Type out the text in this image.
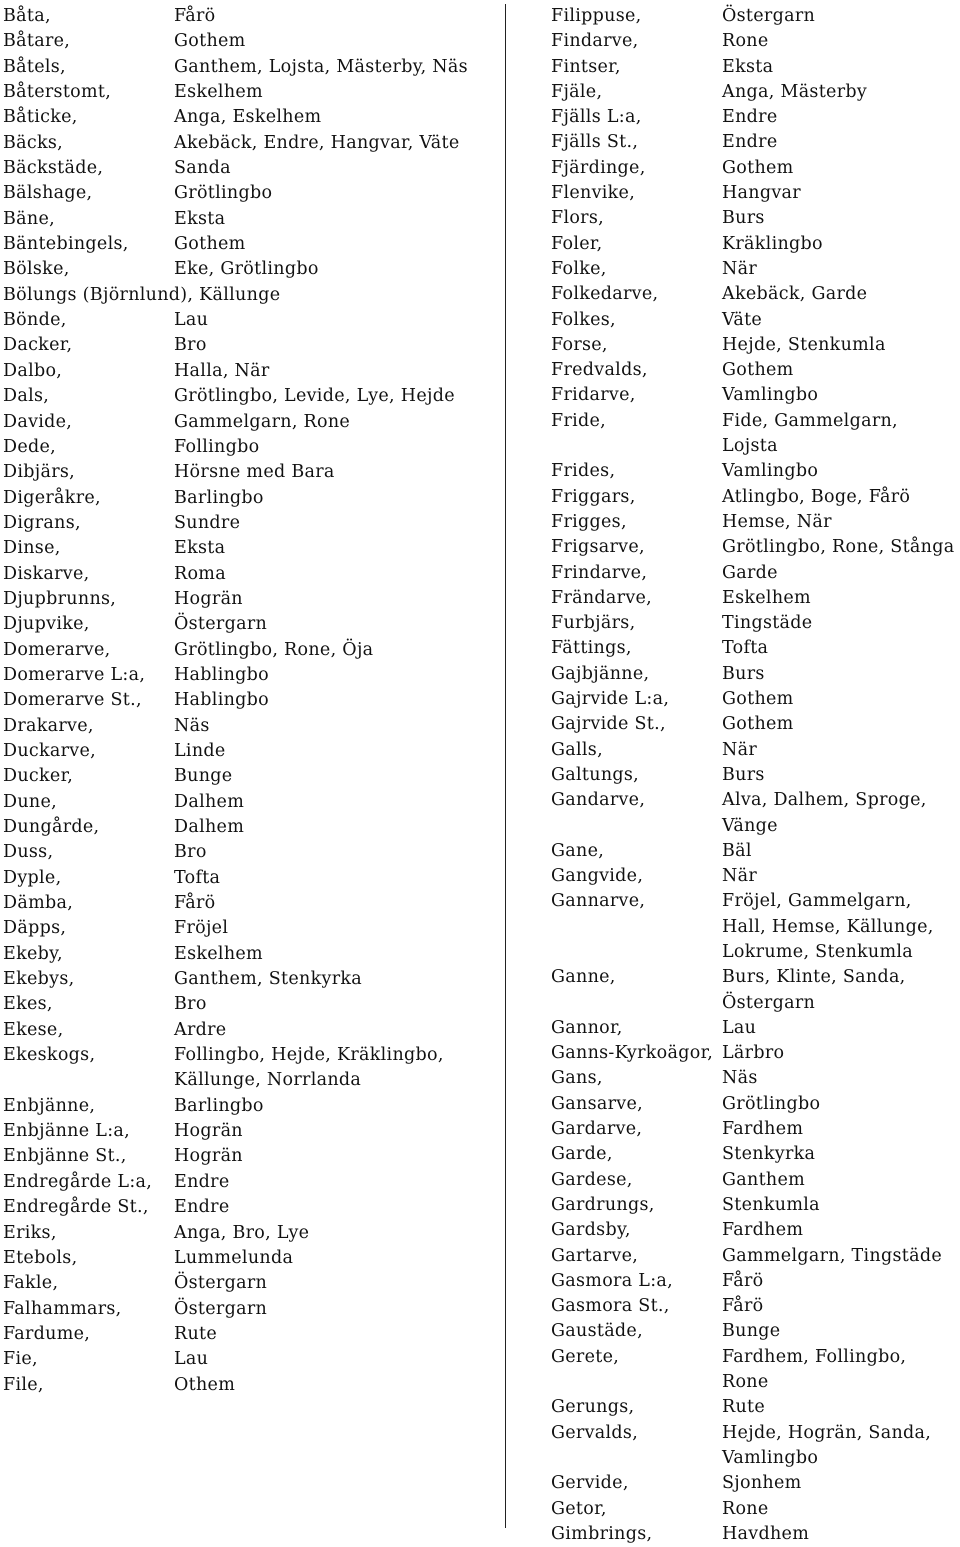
Båta,	Fårö
Båtare,	Gothem
Båtels,	Ganthem, Lojsta, Mästerby, Näs
Båterstomt,	Eskelhem
Båticke,	Anga, Eskelhem
Bäcks,	Akebäck, Endre, Hangvar, Väte
Bäckstäde,	Sanda
Bälshage,	Grötlingbo
Bäne,	Eksta
Bäntebingels,	Gothem
Bölske,	Eke, Grötlingbo
Bölungs (Björnlund), Källunge
Bönde,	Lau
Dacker,	Bro
Dalbo,	Halla, När
Dals,	Grötlingbo, Levide, Lye, Hejde
Davide,	Gammelgarn, Rone
Dede,	Follingbo
Dibjärs,	Hörsne med Bara
Digeråkre,	Barlingbo
Digrans,	Sundre
Dinse,	Eksta
Diskarve,	Roma
Djupbrunns,	Hogrän
Djupvike,	Östergarn
Domerarve,	Grötlingbo, Rone, Öja
Domerarve L:a,	Hablingbo
Domerarve St.,	Hablingbo
Drakarve,	Näs
Duckarve,	Linde
Ducker,	Bunge
Dune,	Dalhem
Dungårde,	Dalhem
Duss,	Bro
Dyple,	Tofta
Dämba,	Fårö
Däpps,	Fröjel
Ekeby,	Eskelhem
Ekebys,	Ganthem, Stenkyrka
Ekes,	Bro
Ekese,	Ardre
Ekeskogs,	Follingbo, Hejde, Kräklingbo, Källunge, Norrlanda
Enbjänne,	Barlingbo
Enbjänne L:a,	Hogrän
Enbjänne St.,	Hogrän
Endregårde L:a,	Endre
Endregårde St.,	Endre
Eriks,	Anga, Bro, Lye
Etebols,	Lummelunda
Fakle,	Östergarn
Falhammars,	Östergarn
Fardume,	Rute
Fie,	Lau
File,	Othem
Filippuse,	Östergarn
Findarve,	Rone
Fintser,	Eksta
Fjäle,	Anga, Mästerby
Fjälls L:a,	Endre
Fjälls St.,	Endre
Fjärdinge,	Gothem
Flenvike,	Hangvar
Flors,	Burs
Foler,	Kräklingbo
Folke,	När
Folkedarve,	Akebäck, Garde
Folkes,	Väte
Forse,	Hejde, Stenkumla
Fredvalds,	Gothem
Fridarve,	Vamlingbo
Fride,	Fide, Gammelgarn, Lojsta
Frides,	Vamlingbo
Friggars,	Atlingbo, Boge, Fårö
Frigges,	Hemse, När
Frigsarve,	Grötlingbo, Rone, Stånga
Frindarve,	Garde
Frändarve,	Eskelhem
Furbjärs,	Tingstäde
Fättings,	Tofta
Gajbjänne,	Burs
Gajrvide L:a,	Gothem
Gajrvide St.,	Gothem
Galls,	När
Galtungs,	Burs
Gandarve,	Alva, Dalhem, Sproge, Vänge
Gane,	Bäl
Gangvide,	När
Gannarve,	Fröjel, Gammelgarn, Hall, Hemse, Källunge, Lokrume, Stenkumla
Ganne,	Burs, Klinte, Sanda, Östergarn
Gannor,	Lau
Ganns-Kyrkoägor, Lärbro
Gans,	Näs
Gansarve,	Grötlingbo
Gardarve,	Fardhem
Garde,	Stenkyrka
Gardese,	Ganthem
Gardrungs,	Stenkumla
Gardsby,	Fardhem
Gartarve,	Gammelgarn, Tingstäde
Gasmora L:a,	Fårö
Gasmora St.,	Fårö
Gaustäde,	Bunge
Gerete,	Fardhem, Follingbo, Rone
Gerungs,	Rute
Gervalds,	Hejde, Hogrän, Sanda, Vamlingbo
Gervide,	Sjonhem
Getor,	Rone
Gimbrings,	Havdhem
